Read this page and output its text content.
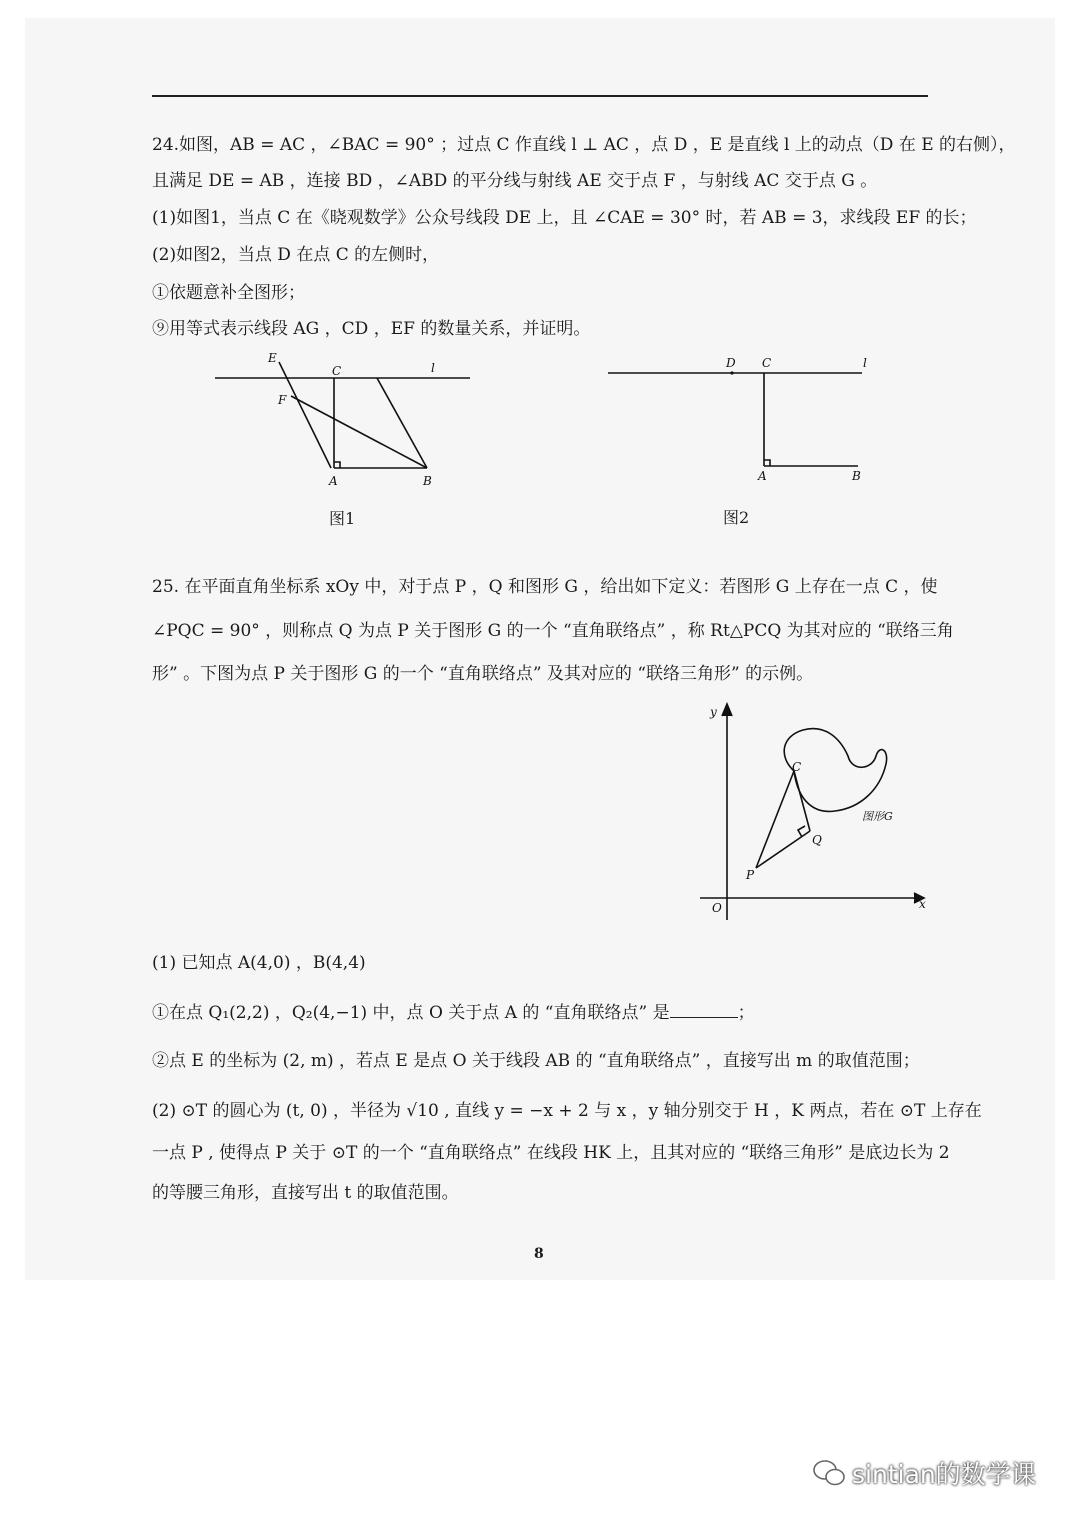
24.如图，AB = AC ，∠BAC = 90° ；过点 C 作直线 l ⊥ AC ，点 D ，E 是直线 l 上的动点（D 在 E 的右侧），
且满足 DE = AB ，连接 BD ，∠ABD 的平分线与射线 AE 交于点 F ，与射线 AC 交于点 G 。
(1)如图1，当点 C 在《晓观数学》公众号线段 DE 上，且 ∠CAE = 30° 时，若 AB = 3，求线段 EF 的长；
(2)如图2，当点 D 在点 C 的左侧时，
①依题意补全图形；
⑨用等式表示线段 AG ，CD ，EF 的数量关系，并证明。
E
C	l
F
A	B
图1
D C	l
A	B
图2
25. 在平面直角坐标系 xOy 中，对于点 P ，Q 和图形 G ，给出如下定义：若图形 G 上存在一点 C ，使
∠PQC = 90° ，则称点 Q 为点 P 关于图形 G 的一个 “直角联络点” ，称 Rt△PCQ 为其对应的 “联络三角
形” 。下图为点 P 关于图形 G 的一个 “直角联络点” 及其对应的 “联络三角形” 的示例。
y
x
O
C
Q
P
图形G
(1) 已知点 A(4,0) ，B(4,4)
①在点 Q₁(2,2) ，Q₂(4,−1) 中，点 O 关于点 A 的 “直角联络点” 是	；
②点 E 的坐标为 (2, m) ，若点 E 是点 O 关于线段 AB 的 “直角联络点” ，直接写出 m 的取值范围；
(2) ⊙T 的圆心为 (t, 0) ，半径为 √10 , 直线 y = −x + 2 与 x ，y 轴分别交于 H ，K 两点，若在 ⊙T 上存在
一点 P , 使得点 P 关于 ⊙T 的一个 “直角联络点” 在线段 HK 上，且其对应的 “联络三角形” 是底边长为 2
的等腰三角形，直接写出 t 的取值范围。
8
sintian的数学课
